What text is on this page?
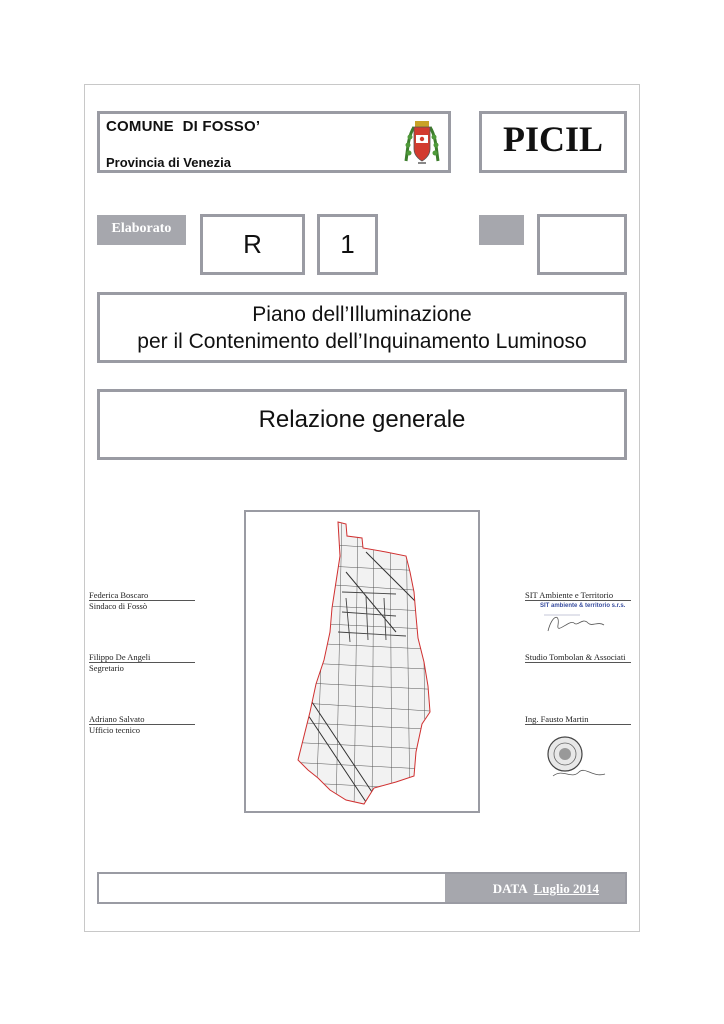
COMUNE  DI FOSSO’
Provincia di Venezia
PICIL
Elaborato
R	1
Piano dell’Illuminazione
per il Contenimento dell’Inquinamento Luminoso
Relazione generale
Federica Boscaro
Sindaco di Fossò
Filippo De Angeli
Segretario
Adriano Salvato
Ufficio tecnico
SIT Ambiente e Territorio
SIT ambiente & territorio s.r.s.
Studio Tombolan & Associati
Ing. Fausto Martin
DATA Luglio 2014
